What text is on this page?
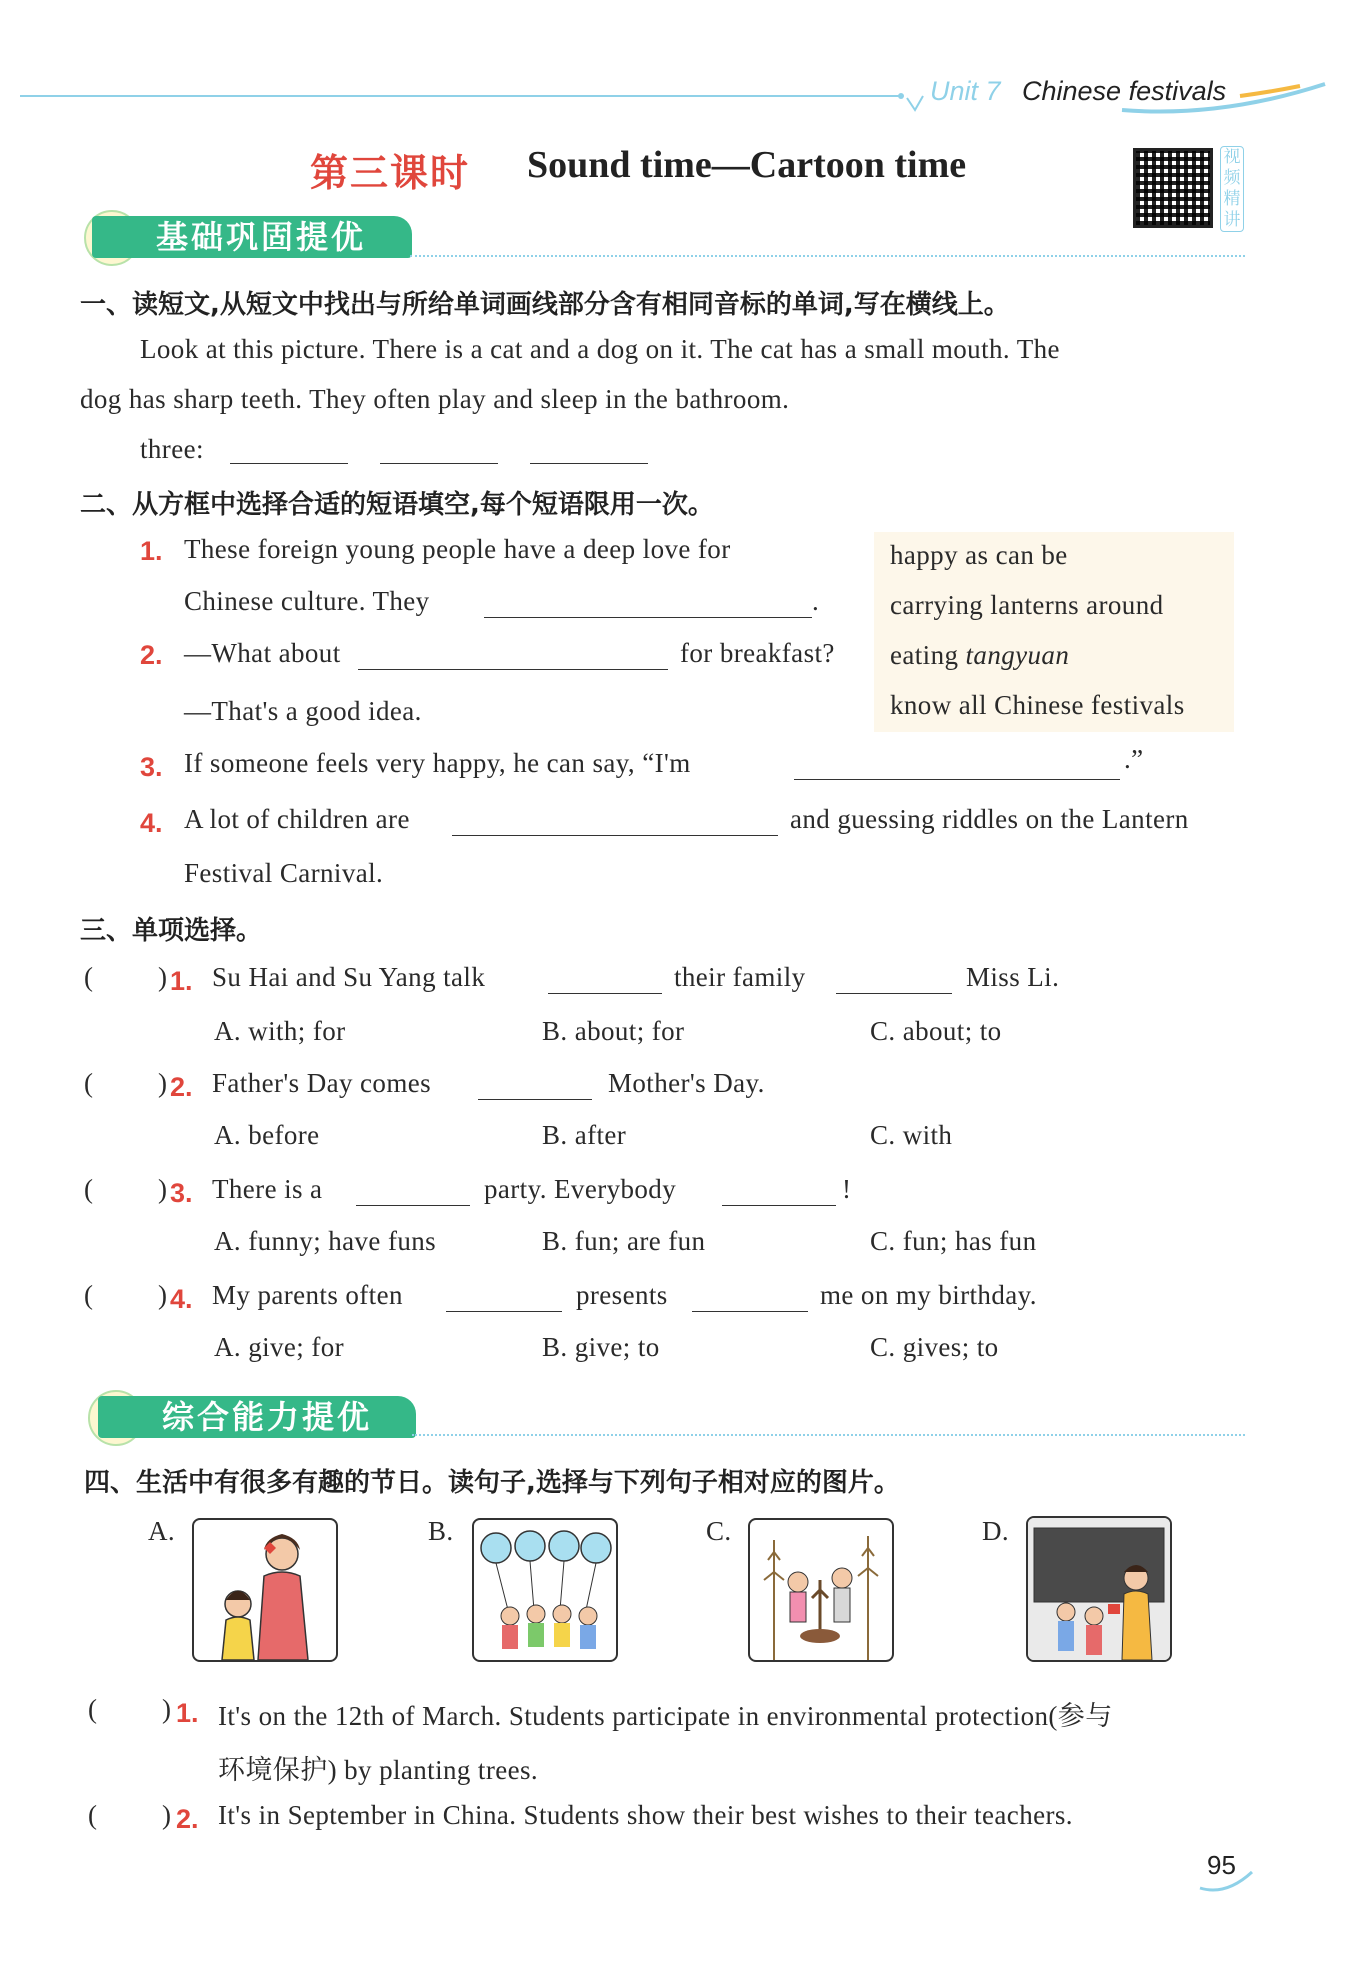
Unit 7 Chinese festivals
第三课时 Sound time—Cartoon time	视
频
精
讲
基础巩固提优
一、读短文,从短文中找出与所给单词画线部分含有相同音标的单词,写在横线上。
Look at this picture. There is a cat and a dog on it. The cat has a small mouth. The
dog has sharp teeth. They often play and sleep in the bathroom.
three:
二、从方框中选择合适的短语填空,每个短语限用一次。
happy as can be
carrying lanterns around
eating tangyuan
know all Chinese festivals
1. These foreign young people have a deep love for
Chinese culture. They	.
2. —What about	for breakfast?
—That's a good idea.
3. If someone feels very happy, he can say, “I'm	.”
4. A lot of children are	and guessing riddles on the Lantern
Festival Carnival.
三、单项选择。
( ) 1. Su Hai and Su Yang talk	their family	Miss Li.
A. with; for	B. about; for	C. about; to
( ) 2. Father's Day comes	Mother's Day.
A. before	B. after	C. with
( ) 3. There is a	party. Everybody	!
A. funny; have funs	B. fun; are fun	C. fun; has fun
( ) 4. My parents often	presents	me on my birthday.
A. give; for	B. give; to	C. gives; to
综合能力提优
四、生活中有很多有趣的节日。读句子,选择与下列句子相对应的图片。
A.	B.	C.	D.
( ) 1. It's on the 12th of March. Students participate in environmental protection(参与
环境保护) by planting trees.
( ) 2. It's in September in China. Students show their best wishes to their teachers.
95
